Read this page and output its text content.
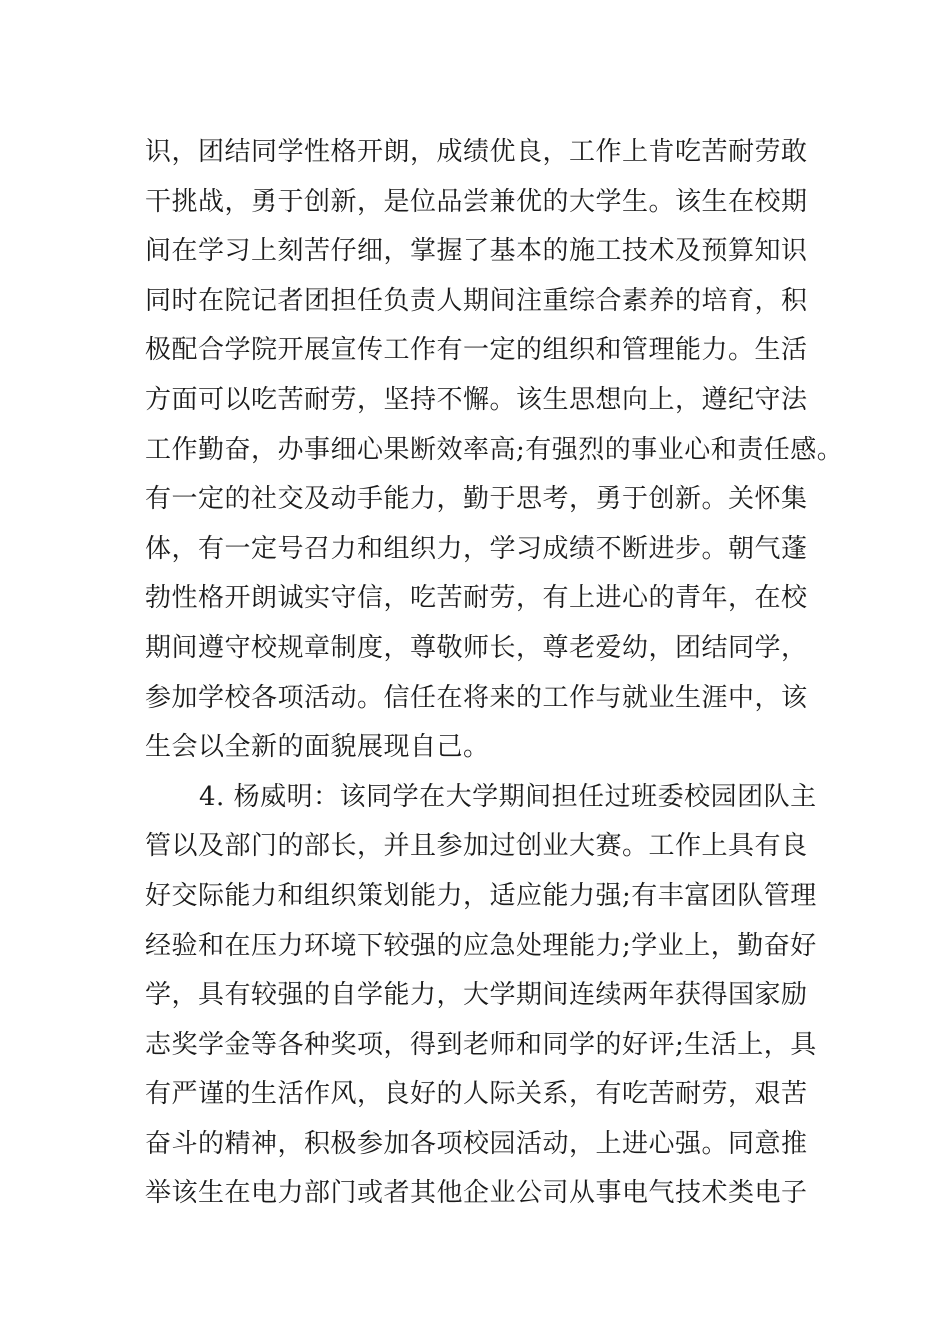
识，团结同学性格开朗，成绩优良，工作上肯吃苦耐劳敢
干挑战，勇于创新，是位品尝兼优的大学生。该生在校期
间在学习上刻苦仔细，掌握了基本的施工技术及预算知识
同时在院记者团担任负责人期间注重综合素养的培育，积
极配合学院开展宣传工作有一定的组织和管理能力。生活
方面可以吃苦耐劳，坚持不懈。该生思想向上，遵纪守法
工作勤奋，办事细心果断效率高;有强烈的事业心和责任感。
有一定的社交及动手能力，勤于思考，勇于创新。关怀集
体，有一定号召力和组织力，学习成绩不断进步。朝气蓬
勃性格开朗诚实守信，吃苦耐劳，有上进心的青年，在校
期间遵守校规章制度，尊敬师长，尊老爱幼，团结同学，
参加学校各项活动。信任在将来的工作与就业生涯中，该
生会以全新的面貌展现自己。
4. 杨威明：该同学在大学期间担任过班委校园团队主
管以及部门的部长，并且参加过创业大赛。工作上具有良
好交际能力和组织策划能力，适应能力强;有丰富团队管理
经验和在压力环境下较强的应急处理能力;学业上，勤奋好
学，具有较强的自学能力，大学期间连续两年获得国家励
志奖学金等各种奖项，得到老师和同学的好评;生活上，具
有严谨的生活作风，良好的人际关系，有吃苦耐劳，艰苦
奋斗的精神，积极参加各项校园活动，上进心强。同意推
举该生在电力部门或者其他企业公司从事电气技术类电子
